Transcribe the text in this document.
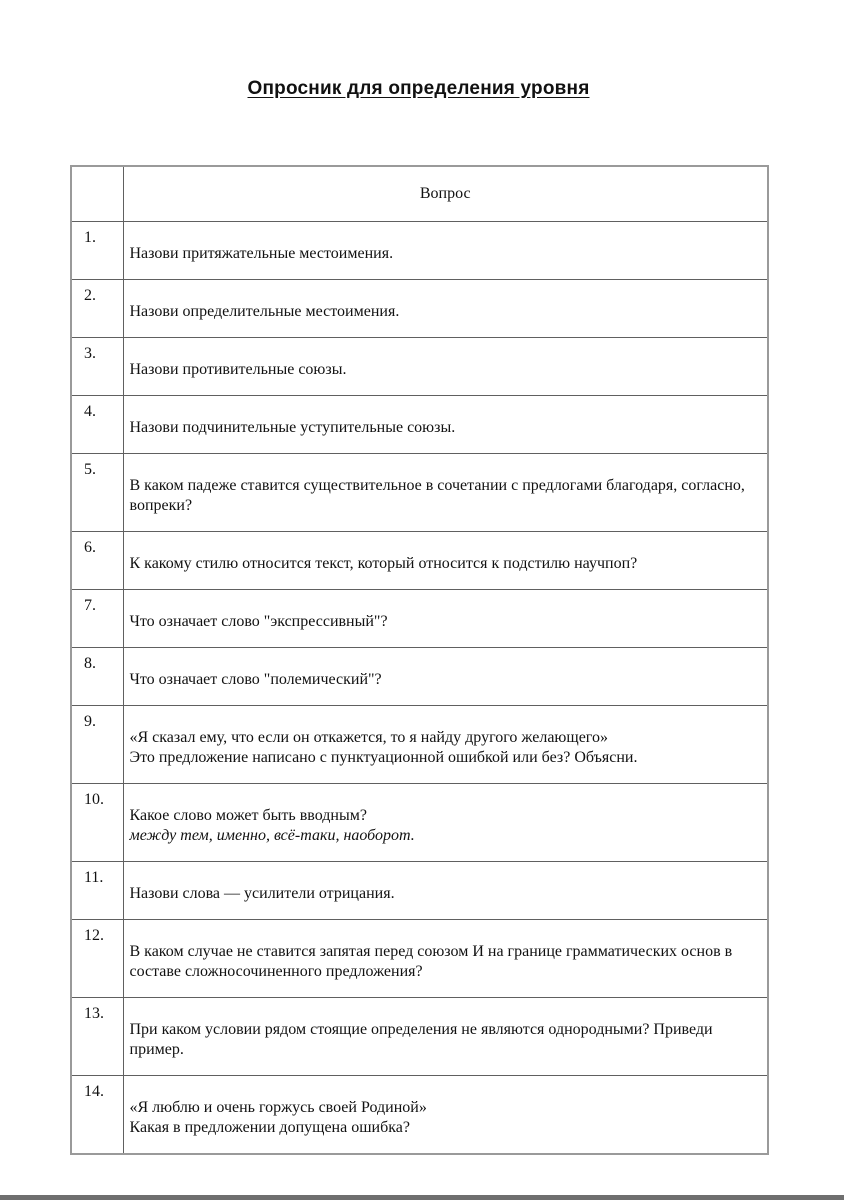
Опросник для определения уровня
	Вопрос
1.	Назови притяжательные местоимения.

2.	Назови определительные местоимения.

3.	Назови противительные союзы.

4.	Назови подчинительные уступительные союзы.

5.	В каком падеже ставится существительное в сочетании с предлогами благодаря, согласно,
вопреки?

6.	К какому стилю относится текст, который относится к подстилю научпоп?

7.	Что означает слово "экспрессивный"?

8.	Что означает слово "полемический"?

9.	«Я сказал ему, что если он откажется, то я найду другого желающего»
Это предложение написано с пунктуационной ошибкой или без? Объясни.

10.	Какое слово может быть вводным?
между тем, именно, всё-таки, наоборот.

11.	Назови слова — усилители отрицания.

12.	В каком случае не ставится запятая перед союзом И на границе грамматических основ в
составе сложносочиненного предложения?

13.	При каком условии рядом стоящие определения не являются однородными? Приведи
пример.

14.	«Я люблю и очень горжусь своей Родиной»
Какая в предложении допущена ошибка?
